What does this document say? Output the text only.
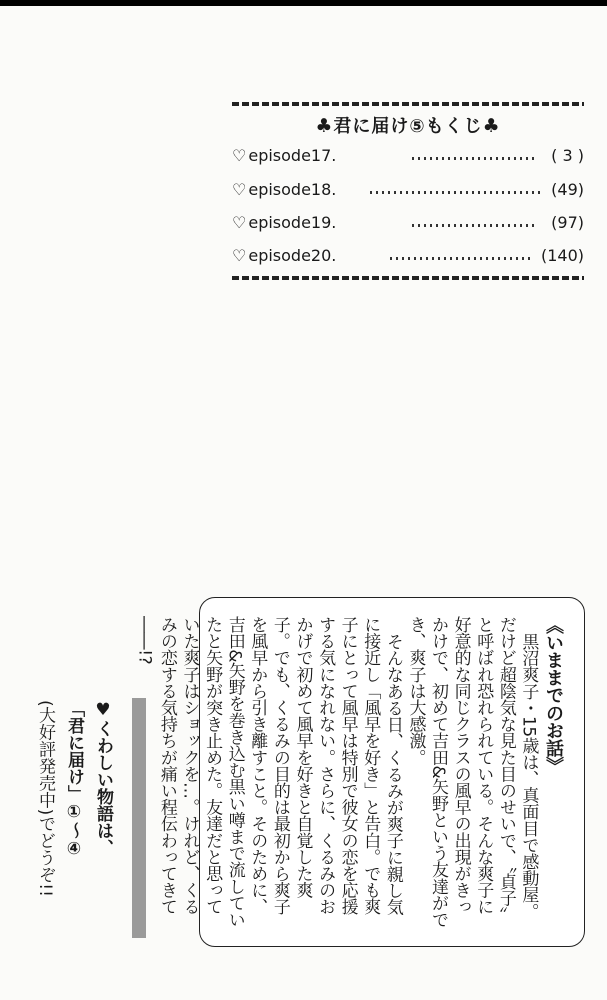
♣君に届け⑤もくじ♣
♡ episode17.	( 3 )
♡ episode18.	(49)
♡ episode19.	(97)
♡ episode20.	(140)
《いままでのお話》

黒沼爽子・15歳は、真面目で感動屋。だけど超陰気な見た目のせいで、〝貞子〟と呼ばれ恐れられている。そんな爽子に好意的な同じクラスの風早の出現がきっかけで、初めて吉田&矢野という友達ができ、爽子は大感激。

そんなある日、くるみが爽子に親し気に接近し「風早を好き」と告白。でも爽子にとって風早は特別で彼女の恋を応援する気になれない。さらに、くるみのおかげで初めて風早を好きと自覚した爽子。でも、くるみの目的は最初から爽子を風早から引き離すこと。そのために、吉田&矢野を巻き込む黒い噂まで流していたと矢野が突き止めた。友達だと思っていた爽子はショックを…。けれど、くるみの恋する気持ちが痛い程伝わってきて――!?

♥くわしい物語は、
「君に届け」①〜④
(大好評発売中)でどうぞ!!
